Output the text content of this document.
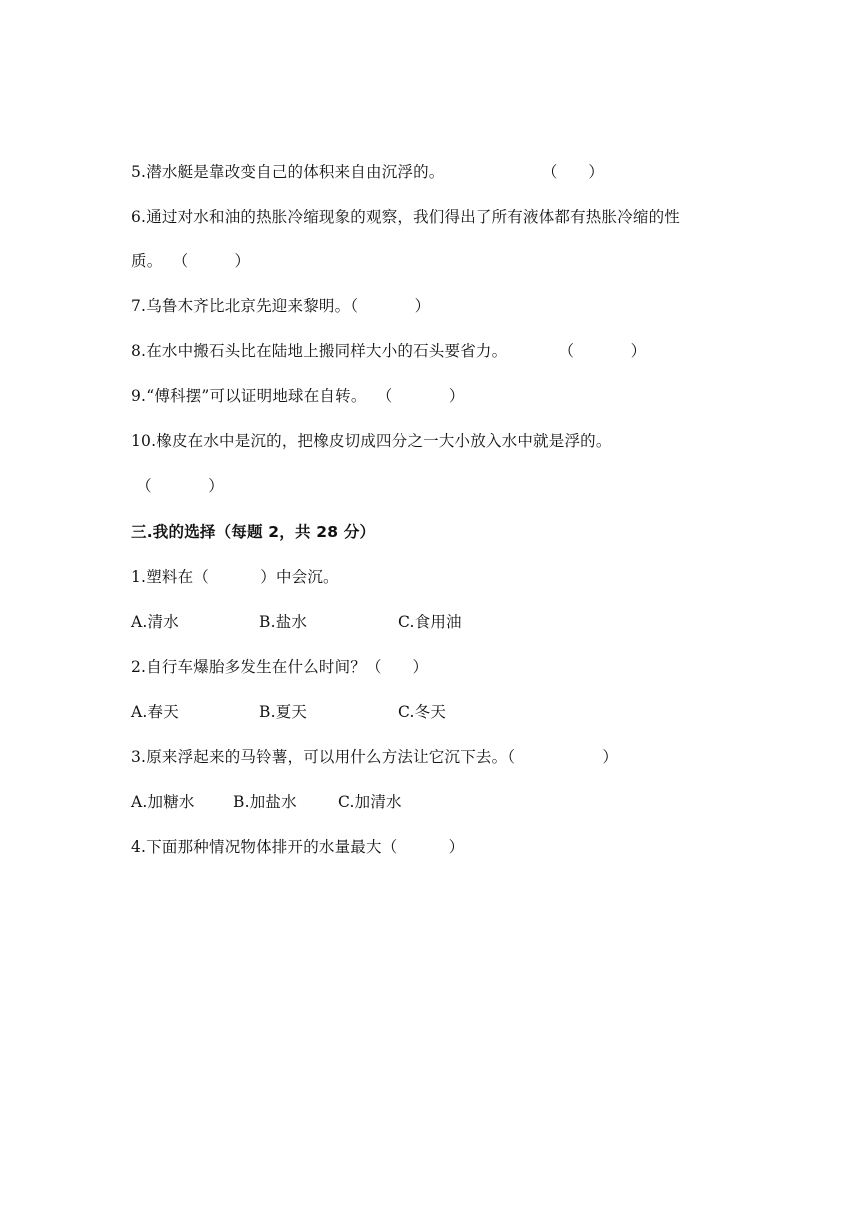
5.潜水艇是靠改变自己的体积来自由沉浮的。                   （      ）
6.通过对水和油的热胀冷缩现象的观察，我们得出了所有液体都有热胀冷缩的性
质。  （         ）
7.乌鲁木齐比北京先迎来黎明。（           ）
8.在水中搬石头比在陆地上搬同样大小的石头要省力。          （           ）
9.“傅科摆”可以证明地球在自转。  （           ）
10.橡皮在水中是沉的，把橡皮切成四分之一大小放入水中就是浮的。
（           ）
三.我的选择（每题 2，共 28 分）
1.塑料在（          ）中会沉。
A.清水	B.盐水	C.食用油
2.自行车爆胎多发生在什么时间？（      ）
A.春天	B.夏天	C.冬天
3.原来浮起来的马铃薯，可以用什么方法让它沉下去。（                 ）
A.加糖水 B.加盐水	C.加清水
4.下面那种情况物体排开的水量最大（          ）
